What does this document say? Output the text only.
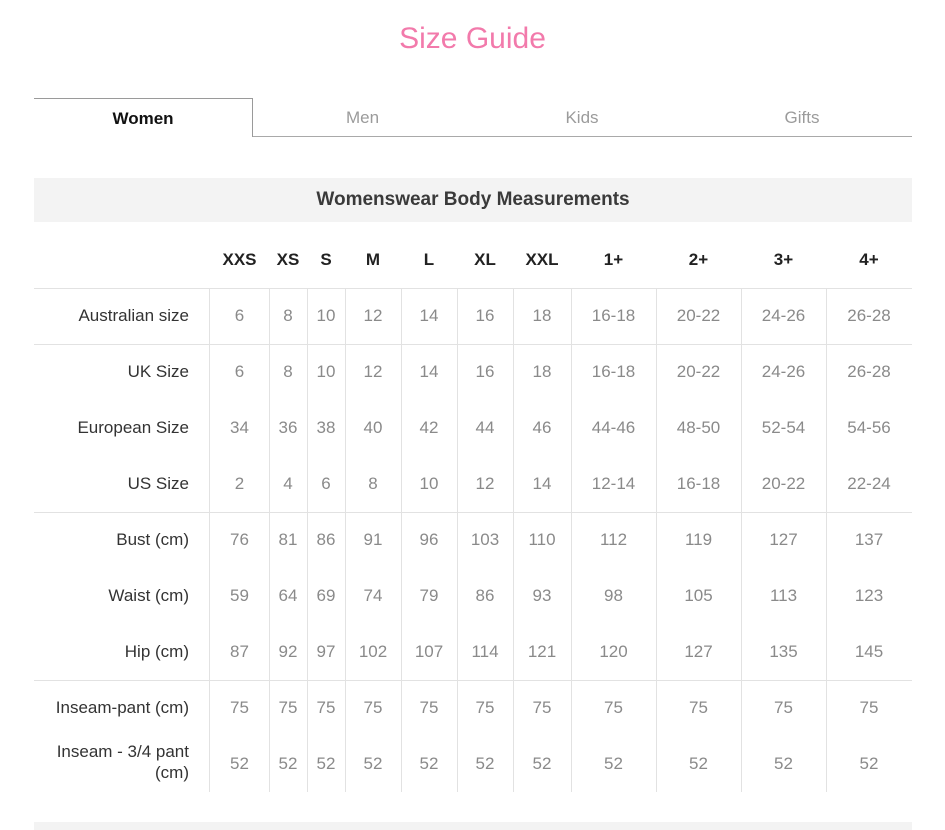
Size Guide
Women	Men	Kids	Gifts
Womenswear Body Measurements
XXS	XS	S	M	L	XL	XXL	1+	2+	3+	4+
Australian size	6	8	10	12	14	16	18	16-18	20-22	24-26	26-28
UK Size	6	8	10	12	14	16	18	16-18	20-22	24-26	26-28
European Size	34	36	38	40	42	44	46	44-46	48-50	52-54	54-56
US Size	2	4	6	8	10	12	14	12-14	16-18	20-22	22-24
Bust (cm)	76	81	86	91	96	103	110	112	119	127	137
Waist (cm)	59	64	69	74	79	86	93	98	105	113	123
Hip (cm)	87	92	97	102	107	114	121	120	127	135	145
Inseam-pant (cm)	75	75	75	75	75	75	75	75	75	75	75
Inseam - 3/4 pant (cm)	52	52	52	52	52	52	52	52	52	52	52
